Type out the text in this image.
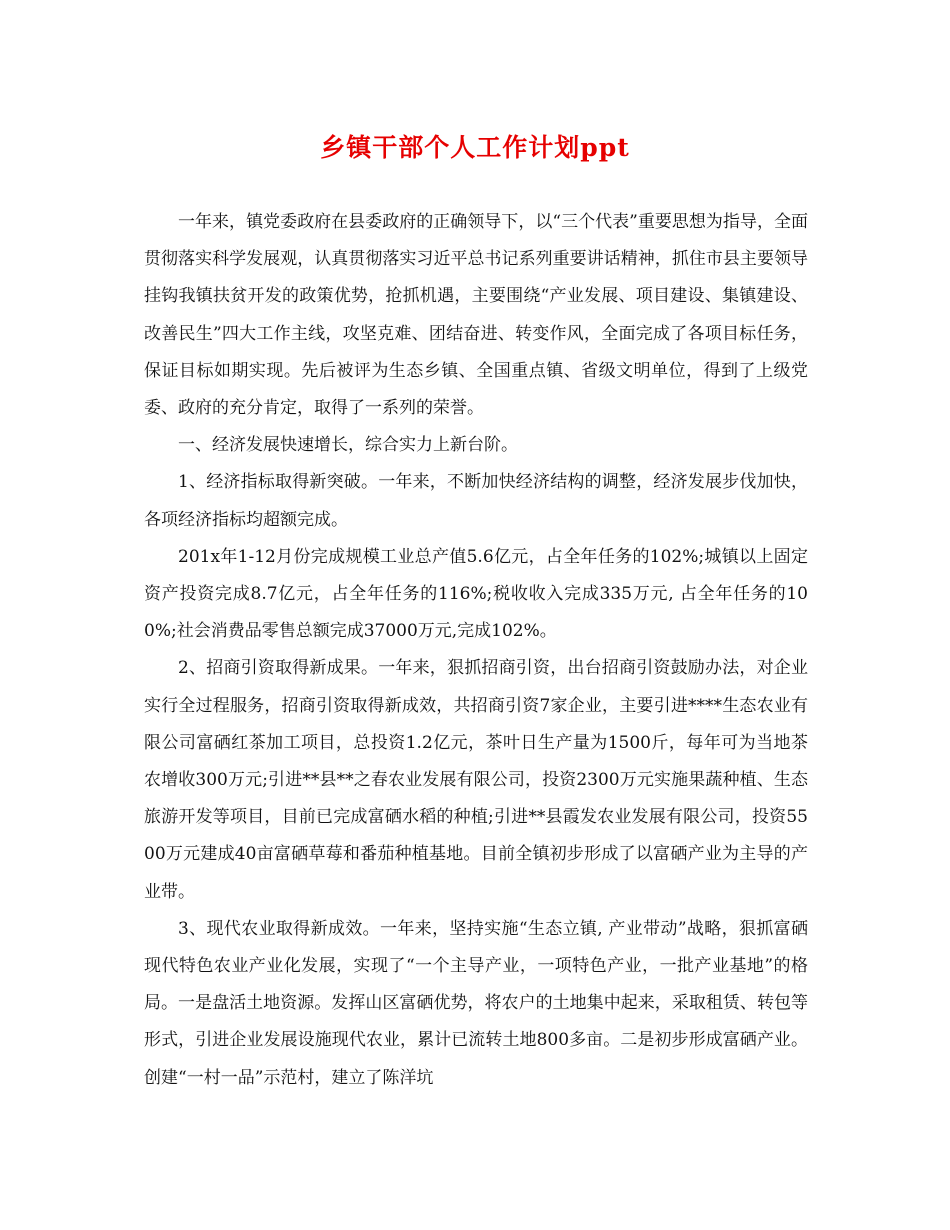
乡镇干部个人工作计划ppt

一年来，镇党委政府在县委政府的正确领导下，以“三个代表”重要思想为指导，全面贯彻落实科学发展观，认真贯彻落实习近平总书记系列重要讲话精神，抓住市县主要领导挂钩我镇扶贫开发的政策优势，抢抓机遇，主要围绕“产业发展、项目建设、集镇建设、改善民生”四大工作主线，攻坚克难、团结奋进、转变作风，全面完成了各项目标任务，保证目标如期实现。先后被评为生态乡镇、全国重点镇、省级文明单位，得到了上级党委、政府的充分肯定，取得了一系列的荣誉。

一、经济发展快速增长，综合实力上新台阶。

1、经济指标取得新突破。一年来，不断加快经济结构的调整，经济发展步伐加快，各项经济指标均超额完成。

201x年1-12月份完成规模工业总产值5.6亿元，占全年任务的102%;城镇以上固定资产投资完成8.7亿元，占全年任务的116%;税收收入完成335万元, 占全年任务的100%;社会消费品零售总额完成37000万元,完成102%。

2、招商引资取得新成果。一年来，狠抓招商引资，出台招商引资鼓励办法，对企业实行全过程服务，招商引资取得新成效，共招商引资7家企业，主要引进****生态农业有限公司富硒红茶加工项目，总投资1.2亿元，茶叶日生产量为1500斤，每年可为当地茶农增收300万元;引进**县**之春农业发展有限公司，投资2300万元实施果蔬种植、生态旅游开发等项目，目前已完成富硒水稻的种植;引进**县霞发农业发展有限公司，投资5500万元建成40亩富硒草莓和番茄种植基地。目前全镇初步形成了以富硒产业为主导的产业带。

3、现代农业取得新成效。一年来，坚持实施“生态立镇, 产业带动”战略，狠抓富硒现代特色农业产业化发展，实现了“一个主导产业，一项特色产业，一批产业基地”的格局。一是盘活土地资源。发挥山区富硒优势，将农户的土地集中起来，采取租赁、转包等形式，引进企业发展设施现代农业，累计已流转土地800多亩。二是初步形成富硒产业。创建“一村一品”示范村，建立了陈洋坑
